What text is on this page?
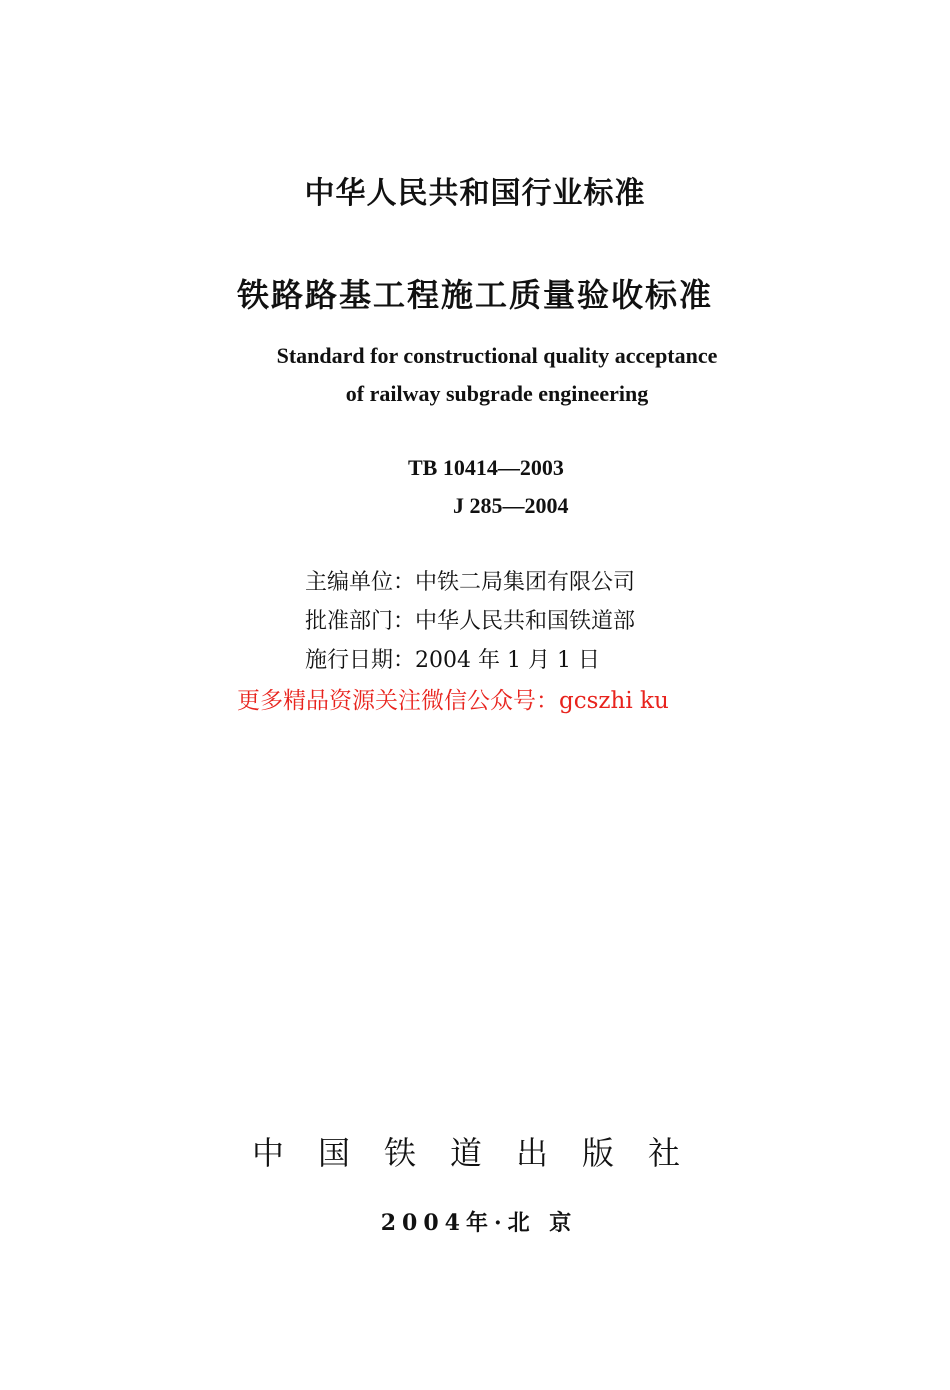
中华人民共和国行业标准
铁路路基工程施工质量验收标准
Standard for constructional quality acceptance
of railway subgrade engineering
TB 10414—2003
J 285—2004
主编单位：中铁二局集团有限公司
批准部门：中华人民共和国铁道部
施行日期：2004 年 1 月 1 日
更多精品资源关注微信公众号：gcszhi ku
中国铁道出版社
2004年·北 京
